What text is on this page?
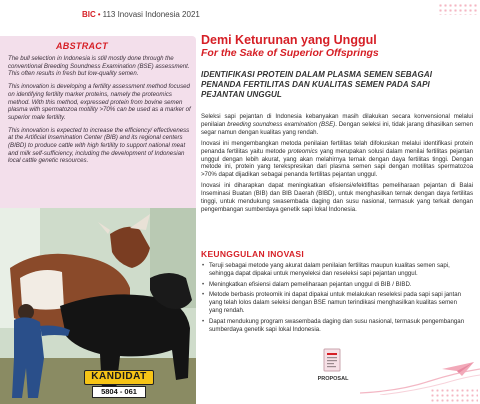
BIC • 113 Inovasi Indonesia 2021
ABSTRACT

The bull selection in Indonesia is still mostly done through the conventional Breeding Soundness Examination (BSE) assessment. This often results in fresh but low-quality semen.

This innovation is developing a fertility assessment method focused on identifying fertility marker proteins, namely the proteomics method. With this method, expressed protein from bovine semen plasma with spermatozoa motility >70% can be used as a marker of superior male fertility.

This innovation is expected to increase the efficiency/ effectiveness at the Artificial Insemination Center (BIB) and its regional centers (BIBD) to produce cattle with high fertility to support national meat and milk self-sufficiency, including the development of Indonesian local cattle genetic resources.

KANDIDAT
5804 - 061
Demi Keturunan yang Unggul
For the Sake of Superior Offsprings
IDENTIFIKASI PROTEIN DALAM PLASMA SEMEN SEBAGAI PENANDA FERTILITAS DAN KUALITAS SEMEN PADA SAPI PEJANTAN UNGGUL

Seleksi sapi pejantan di Indonesia kebanyakan masih dilakukan secara konvensional melalui penilaian breeding soundness examination (BSE). Dengan seleksi ini, tidak jarang dihasilkan semen segar namun dengan kualitas yang rendah.

Inovasi ini mengembangkan metoda penilaian fertilitas telah difokuskan melalui identifikasi protein penanda fertilitas yaitu metode proteomics yang merupakan solusi dalam menilai fertilitas pejantan unggul dengan lebih akurat, yang akan melahirnya ternak dengan daya fertilitas tinggi. Dengan metode ini, protein yang terekspresikan dari plasma semen sapi dengan motilitas spermatozoa >70% dapat dijadikan sebagai penanda fertilitas pejantan unggul.

Inovasi ini diharapkan dapat meningkatkan efisiensi/efektifitas pemeliharaan pejantan di Balai Inseminasi Buatan (BIB) dan BIB Daerah (BIBD), untuk menghasilkan ternak dengan daya fertilitas tinggi, untuk mendukung swasembada daging dan susu nasional, termasuk yang terkait dengan pengembangan sumberdaya genetik sapi lokal Indonesia.

KEUNGGULAN INOVASI
• Teruji sebagai metode yang akurat dalam penilaian fertilitas maupun kualitas semen sapi, sehingga dapat dipakai untuk menyeleksi dan reseleksi sapi pejantan unggul.
• Meningkatkan efisiensi dalam pemeliharaan pejantan unggul di BIB / BIBD.
• Metode berbasis proteomik ini dapat dipakai untuk melakukan reseleksi pada sapi sapi jantan yang telah lolos dalam seleksi dengan BSE namun terindikasi menghasilkan kualitas semen yang rendah.
• Dapat mendukung program swasembada daging dan susu nasional, termasuk pengembangan sumberdaya genetik sapi lokal Indonesia.
PROPOSAL
